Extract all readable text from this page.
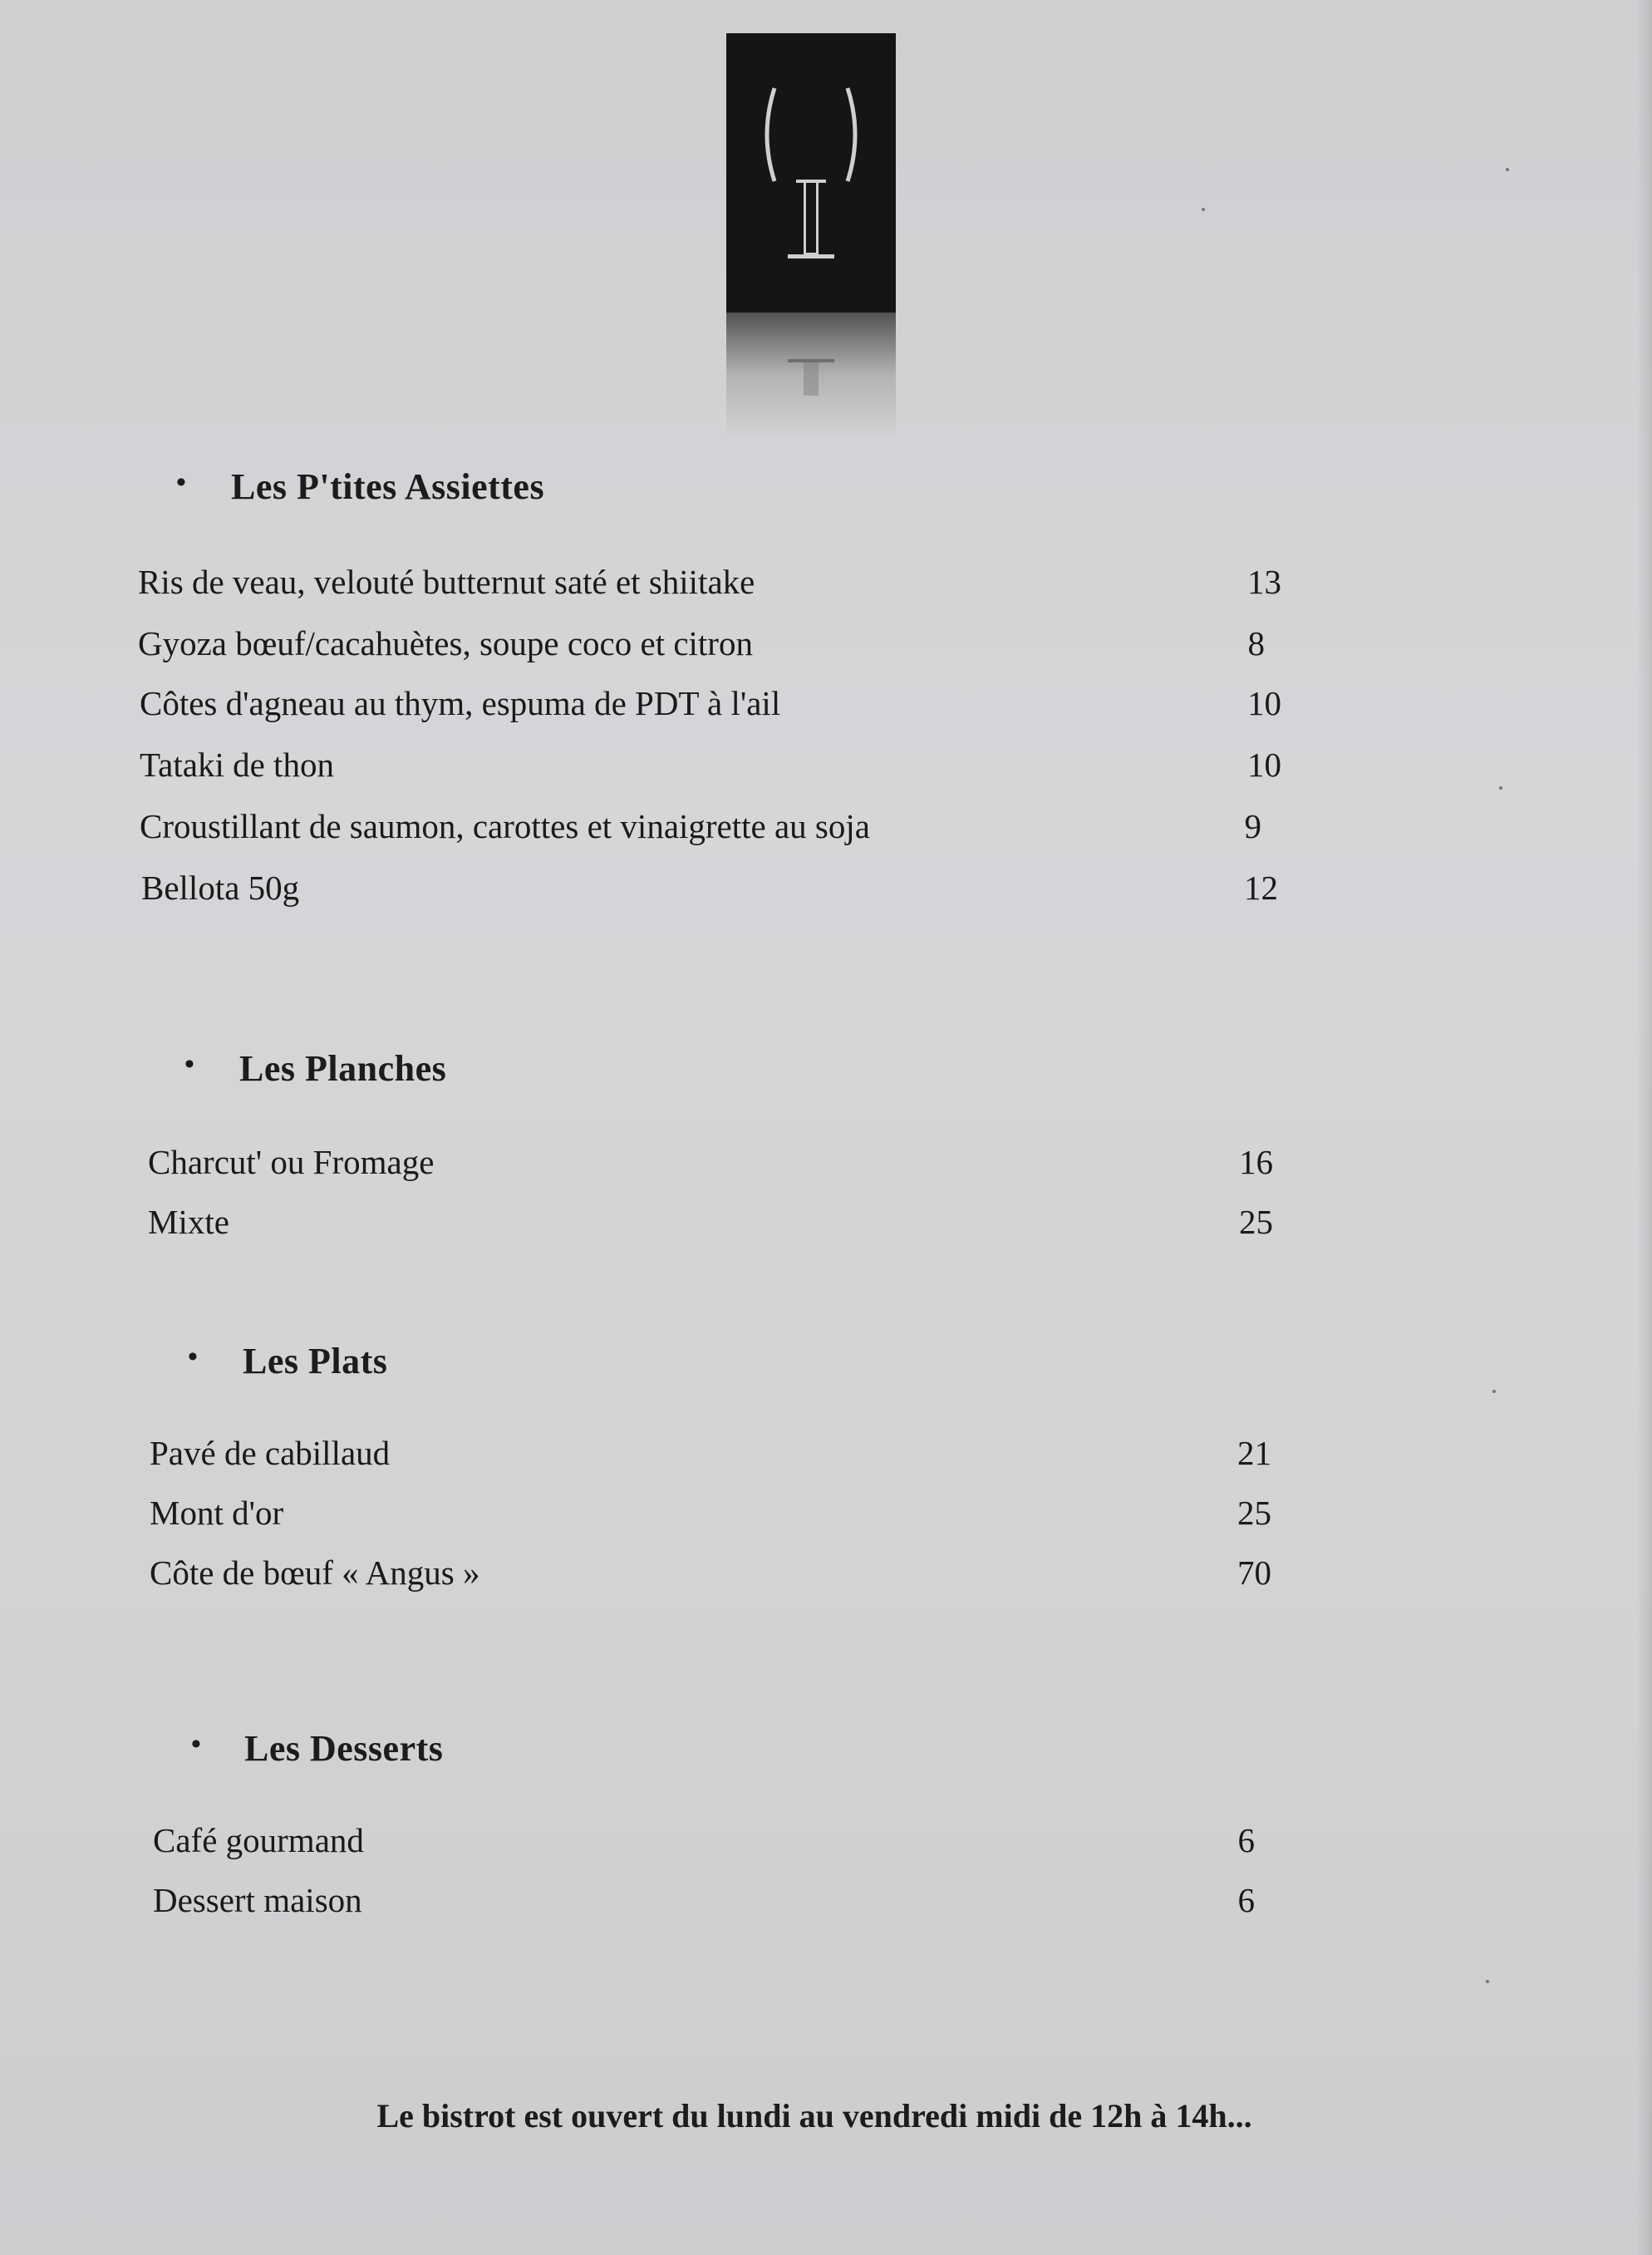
• Les P'tites Assiettes
Ris de veau, velouté butternut saté et shiitake	13
Gyoza bœuf/cacahuètes, soupe coco et citron	8
Côtes d'agneau au thym, espuma de PDT à l'ail	10
Tataki de thon	10
Croustillant de saumon, carottes et vinaigrette au soja	9
Bellota 50g	12
• Les Planches
Charcut' ou Fromage	16
Mixte	25
• Les Plats
Pavé de cabillaud	21
Mont d'or	25
Côte de bœuf « Angus »	70
• Les Desserts
Café gourmand	6
Dessert maison	6
Le bistrot est ouvert du lundi au vendredi midi de 12h à 14h...
